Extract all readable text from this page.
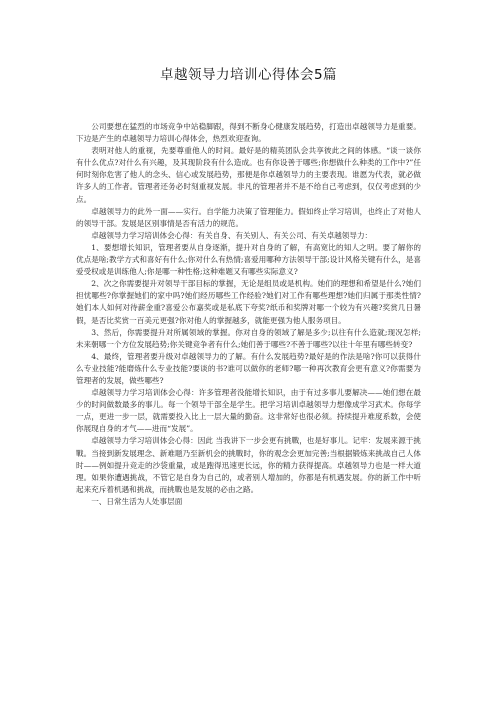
卓越领导力培训心得体会5篇

公司要想在猛烈的市场竞争中站稳脚跟，得到不断身心健康发展趋势，打造出卓越领导力是重要。下边是产生的卓越领导力培训心得体会，热烈欢迎查询。

表明对他人的重视，先要尊重他人的时间。最好是的精英团队会共享彼此之间的体感。“谈一谈你有什么优点?对什么有兴趣，及其现阶段有什么造成。也有你设善于哪些;你想做什么种类的工作中?”任何时刻你危害了他人的念头、信心或发展趋势，那便是你卓越领导力的主要表现。谁愿为代表，就必做许多人的工作者。管理者还务必时刻重视发展。非凡的管理者并不是不给自己考虑到，仅仅考虑到的少点。

卓越领导力的此外一面——实行。自学能力决策了管理能力。假如终止学习培训，也终止了对他人的领导干部。发展是区别事情是否有活力的规范。

卓越领导力学习培训体会心得：有关自身、有关别人、有关公司、有关卓越领导力：

1、要想增长知识，管理者要从自身逐渐，提升对自身的了解，有高宽比的知人之明。要了解你的优点是啥;教学方式和喜好有什么;你对什么有热情;喜爱用哪种方法领导干部;设计风格关键有什么，是喜爱受权或是训练他人;你是哪一种性格;这种难题又有哪些实际意义?

2、次之你需要提升对领导干部目标的掌握，无论是组员或是机构。她们的理想和希望是什么?她们担忧哪些?你掌握她们的家中吗?她们经历哪些工作经验?她们对工作有哪些理想?她们归属于那类性情?她们本人如何对待薪金重?喜爱公布嘉奖或是私底下夸奖?纸币和奖牌对哪一个较为有兴趣?奖赏几日暑假，是否比奖赏一百美元更强?你对他人的掌握越多，就能更强为他人服务项目。

3、然后，你需要提升对所属领域的掌握。你对自身的领域了解是多少;以往有什么造就;现况怎样;未来朝哪一个方位发展趋势;你关键竞争者有什么;她们善于哪些?不善于哪些?以往十年里有哪些转变?

4、最终，管理者要升级对卓越领导力的了解。有什么发展趋势?最好是的作法是啥?你可以获得什么专业技能?能磨炼什么专业技能?要谈的书?谁可以做你的老师?哪一种再次教育会更有意义?你需要为管理者的发展，做些哪些?

卓越领导力学习培训体会心得：许多管理者没能增长知识，由于有过多事儿要解决——她们想在最少的时间做数最多的事儿。每一个领导干部全是学生。把学习培训卓越领导力想像成学习武术。你每学一点，更进一步一层，就需要投入比上一层大量的勤奋。这非常好也很必须。持续提升难度系数，会使你展现自身的才气——进而“发展”。

卓越领导力学习培训体会心得：因此 当我讲下一步会更有挑戰，也是好事儿。记牢：发展来源于挑戰。当接到新发展理念、新难题乃至新机会的挑戰时，你的观念会更加完善;当根据锻炼来挑战自己人体时——例如提升竞走的沙袋重量，或是跑得迅速更长远，你的精力获得提高。卓越领导力也是一样大道理。如果你遭遇挑战，不管它是自身为自己的，或者别人增加的，你都是有机遇发展。你的新工作中听起来充斥着机遇和挑战，而挑戰也是发展的必由之路。

一、日常生活为人处事层面
